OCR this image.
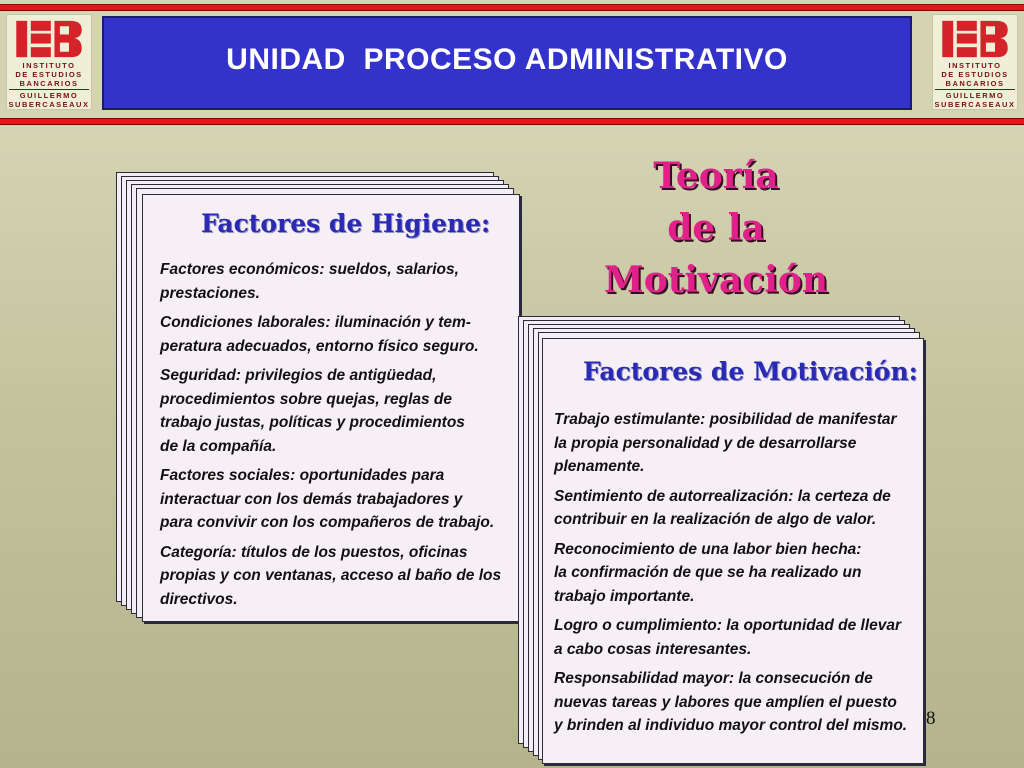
INSTITUTO
DE ESTUDIOS
BANCARIOS
GUILLERMO
SUBERCASEAUX
INSTITUTO
DE ESTUDIOS
BANCARIOS
GUILLERMO
SUBERCASEAUX
UNIDAD  PROCESO ADMINISTRATIVO
Teoría
de la Motivación
Factores de Higiene:

Factores económicos: sueldos, salarios,
prestaciones.

Condiciones laborales: iluminación y tem-
peratura adecuados, entorno físico seguro.

Seguridad: privilegios de antigüedad,
procedimientos sobre quejas, reglas de
trabajo justas, políticas y procedimientos
de la compañía.

Factores sociales: oportunidades para
interactuar con los demás trabajadores y
para convivir con los compañeros de trabajo.

Categoría: títulos de los puestos, oficinas
propias y con ventanas, acceso al baño de los
directivos.

Factores de Motivación:

Trabajo estimulante: posibilidad de manifestar
la propia personalidad y de desarrollarse
plenamente.

Sentimiento de autorrealización: la certeza de
contribuir en la realización de algo de valor.

Reconocimiento de una labor bien hecha:
la confirmación de que se ha realizado un
trabajo importante.

Logro o cumplimiento: la oportunidad de llevar
a cabo cosas interesantes.

Responsabilidad mayor: la consecución de
nuevas tareas y labores que amplíen el puesto
y brinden al individuo mayor control del mismo. 8
